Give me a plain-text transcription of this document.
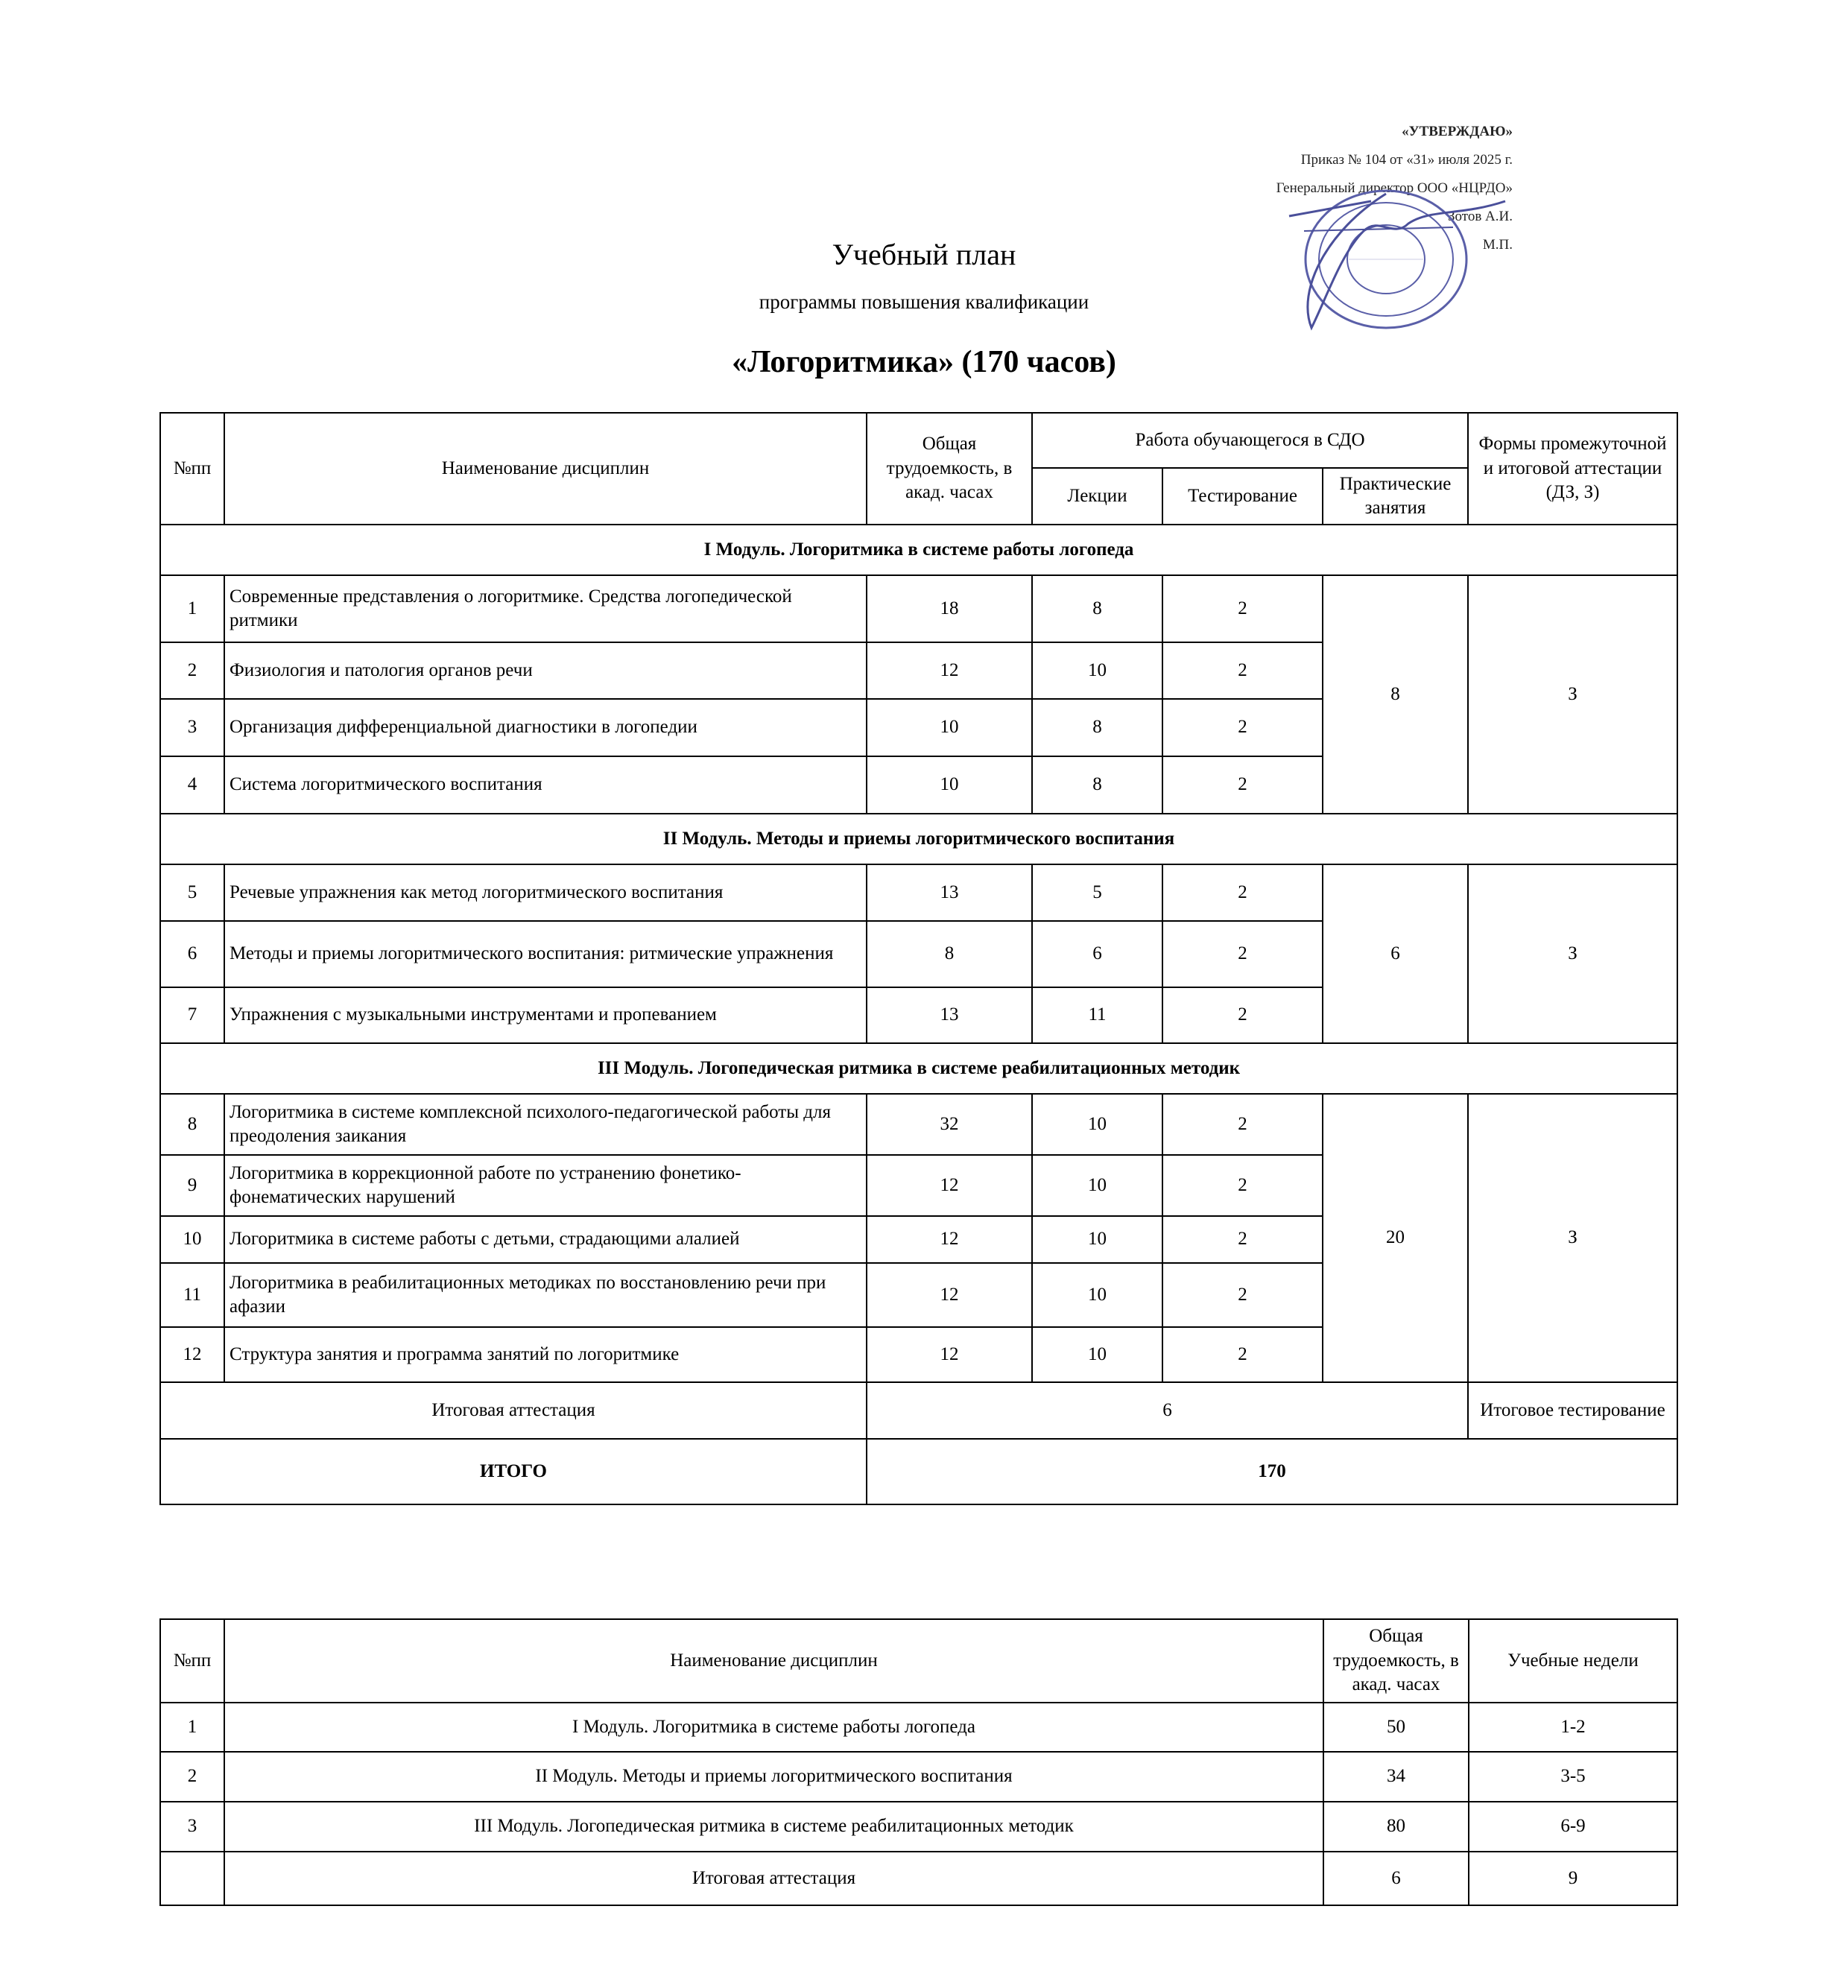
«УТВЕРЖДАЮ»
Приказ № 104 от «31» июля 2025 г.
Генеральный директор ООО «НЦРДО»
Зотов А.И.
М.П.
Учебный план
программы повышения квалификации
«Логоритмика» (170 часов)
№пп	Наименование дисциплин	Общая трудоемкость, в акад. часах	Работа обучающегося в СДО			Формы промежуточной и итоговой аттестации (ДЗ, З)
			Лекции	Тестирование	Практические занятия	
I Модуль. Логоритмика в системе работы логопеда						
1	Современные представления о логоритмике. Средства логопедической ритмики	18	8	2	8	З
2	Физиология и патология органов речи	12	10	2		
3	Организация дифференциальной диагностики в логопедии	10	8	2		
4	Система логоритмического воспитания	10	8	2		
II Модуль. Методы и приемы логоритмического воспитания						
5	Речевые упражнения как метод логоритмического воспитания	13	5	2	6	З
6	Методы и приемы логоритмического воспитания: ритмические упражнения	8	6	2		
7	Упражнения с музыкальными инструментами и пропеванием	13	11	2		
III Модуль. Логопедическая ритмика в системе реабилитационных методик						
8	Логоритмика в системе комплексной психолого-педагогической работы для преодоления заикания	32	10	2	20	З
9	Логоритмика в коррекционной работе по устранению фонетико-фонематических нарушений	12	10	2		
10	Логоритмика в системе работы с детьми, страдающими алалией	12	10	2		
11	Логоритмика в реабилитационных методиках по восстановлению речи при афазии	12	10	2		
12	Структура занятия и программа занятий по логоритмике	12	10	2		
Итоговая аттестация		6				Итоговое тестирование
ИТОГО		170				
№пп	Наименование дисциплин	Общая трудоемкость, в акад. часах	Учебные недели
1	I Модуль. Логоритмика в системе работы логопеда	50	1-2
2	II Модуль. Методы и приемы логоритмического воспитания	34	3-5
3	III Модуль. Логопедическая ритмика в системе реабилитационных методик	80	6-9
	Итоговая аттестация	6	9
